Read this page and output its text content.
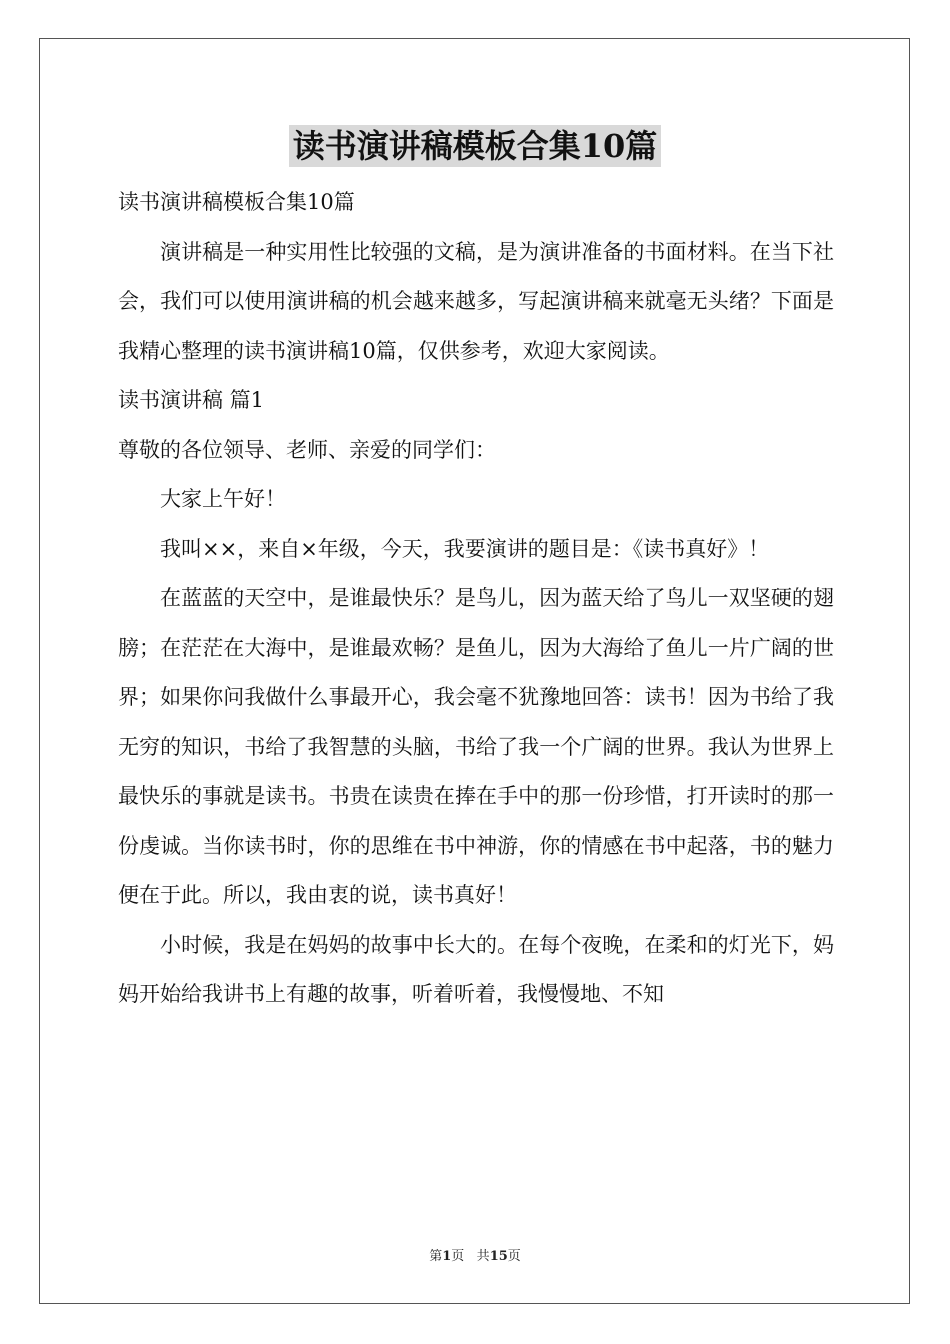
读书演讲稿模板合集10篇

读书演讲稿模板合集10篇

演讲稿是一种实用性比较强的文稿，是为演讲准备的书面材料。在当下社会，我们可以使用演讲稿的机会越来越多，写起演讲稿来就毫无头绪？下面是我精心整理的读书演讲稿10篇，仅供参考，欢迎大家阅读。

读书演讲稿 篇1

尊敬的各位领导、老师、亲爱的同学们：

大家上午好！

我叫××，来自×年级，今天，我要演讲的题目是：《读书真好》！

在蓝蓝的天空中，是谁最快乐？是鸟儿，因为蓝天给了鸟儿一双坚硬的翅膀；在茫茫在大海中，是谁最欢畅？是鱼儿，因为大海给了鱼儿一片广阔的世界；如果你问我做什么事最开心，我会毫不犹豫地回答：读书！因为书给了我无穷的知识，书给了我智慧的头脑，书给了我一个广阔的世界。我认为世界上最快乐的事就是读书。书贵在读贵在捧在手中的那一份珍惜，打开读时的那一份虔诚。当你读书时，你的思维在书中神游，你的情感在书中起落，书的魅力便在于此。所以，我由衷的说，读书真好！

小时候，我是在妈妈的故事中长大的。在每个夜晚，在柔和的灯光下，妈妈开始给我讲书上有趣的故事，听着听着，我慢慢地、不知

第1页 共15页
